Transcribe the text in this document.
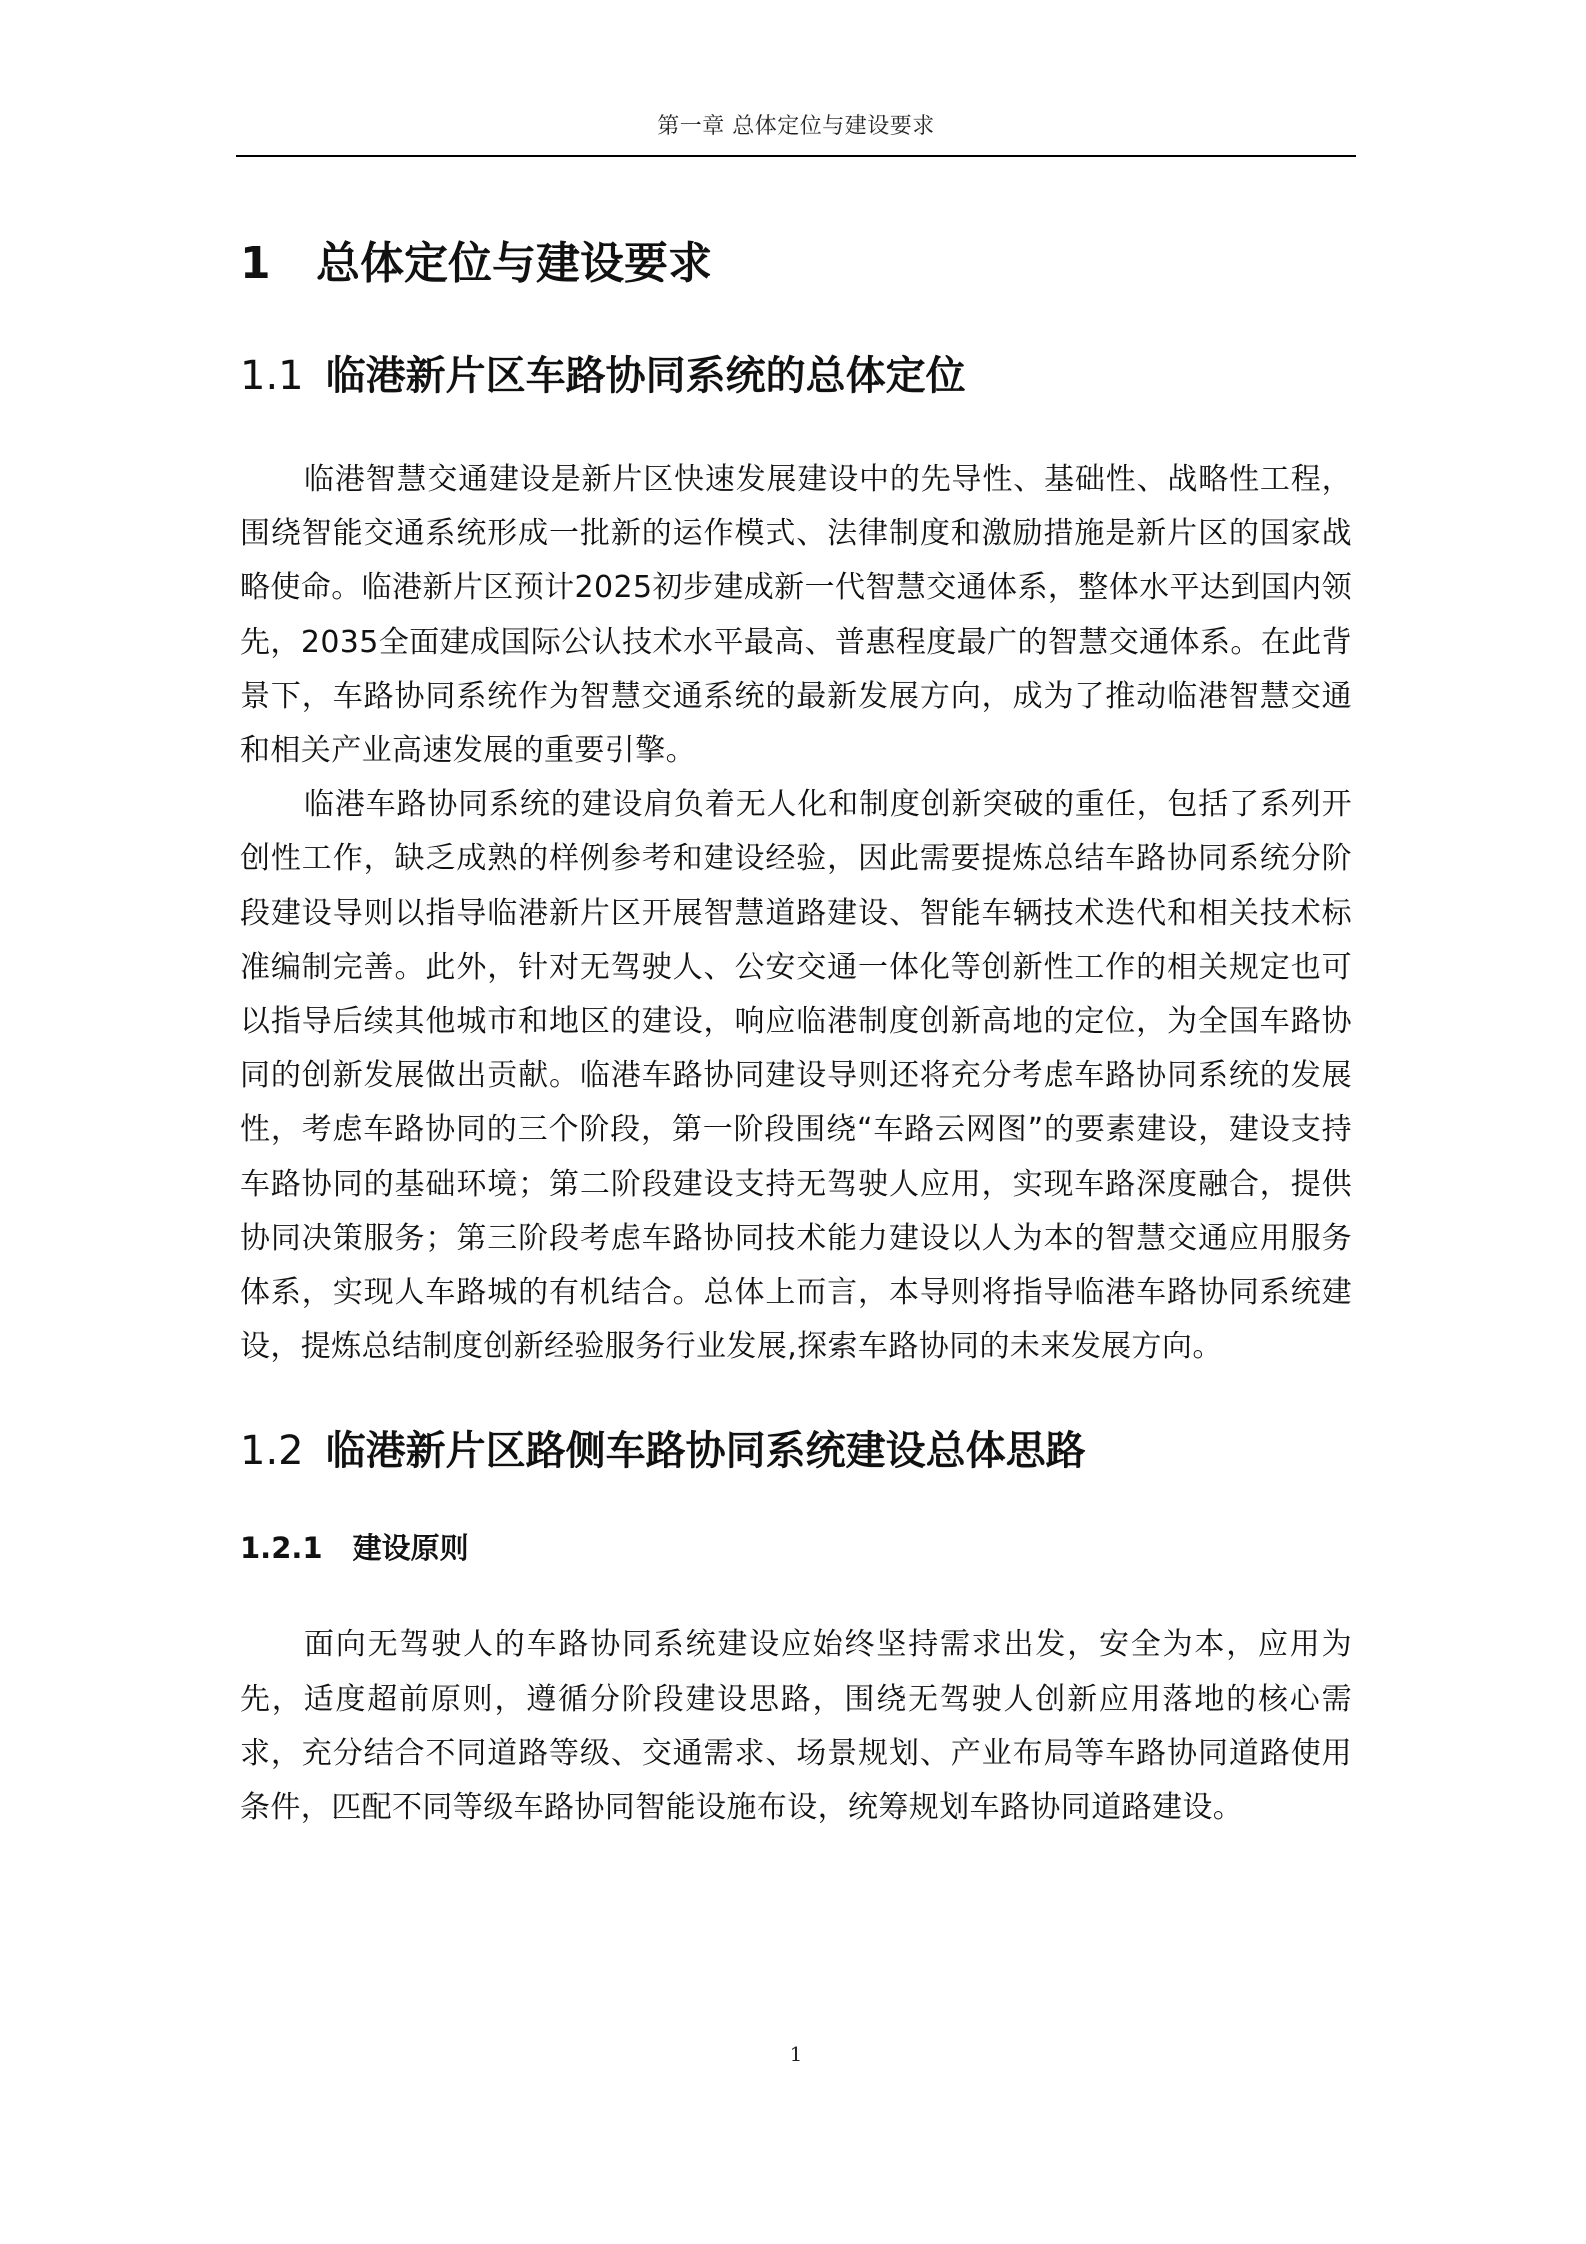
第一章 总体定位与建设要求
1	总体定位与建设要求
1.1 临港新片区车路协同系统的总体定位

临港智慧交通建设是新片区快速发展建设中的先导性、基础性、战略性工程，围绕智能交通系统形成一批新的运作模式、法律制度和激励措施是新片区的国家战略使命。临港新片区预计2025初步建成新一代智慧交通体系，整体水平达到国内领先，2035全面建成国际公认技术水平最高、普惠程度最广的智慧交通体系。在此背景下，车路协同系统作为智慧交通系统的最新发展方向，成为了推动临港智慧交通和相关产业高速发展的重要引擎。

临港车路协同系统的建设肩负着无人化和制度创新突破的重任，包括了系列开创性工作，缺乏成熟的样例参考和建设经验，因此需要提炼总结车路协同系统分阶段建设导则以指导临港新片区开展智慧道路建设、智能车辆技术迭代和相关技术标准编制完善。此外，针对无驾驶人、公安交通一体化等创新性工作的相关规定也可以指导后续其他城市和地区的建设，响应临港制度创新高地的定位，为全国车路协同的创新发展做出贡献。临港车路协同建设导则还将充分考虑车路协同系统的发展性，考虑车路协同的三个阶段，第一阶段围绕“车路云网图”的要素建设，建设支持车路协同的基础环境；第二阶段建设支持无驾驶人应用，实现车路深度融合，提供协同决策服务；第三阶段考虑车路协同技术能力建设以人为本的智慧交通应用服务体系，实现人车路城的有机结合。总体上而言，本导则将指导临港车路协同系统建设，提炼总结制度创新经验服务行业发展,探索车路协同的未来发展方向。

1.2 临港新片区路侧车路协同系统建设总体思路
1.2.1 建设原则

面向无驾驶人的车路协同系统建设应始终坚持需求出发，安全为本，应用为先，适度超前原则，遵循分阶段建设思路，围绕无驾驶人创新应用落地的核心需求，充分结合不同道路等级、交通需求、场景规划、产业布局等车路协同道路使用条件，匹配不同等级车路协同智能设施布设，统筹规划车路协同道路建设。

1
